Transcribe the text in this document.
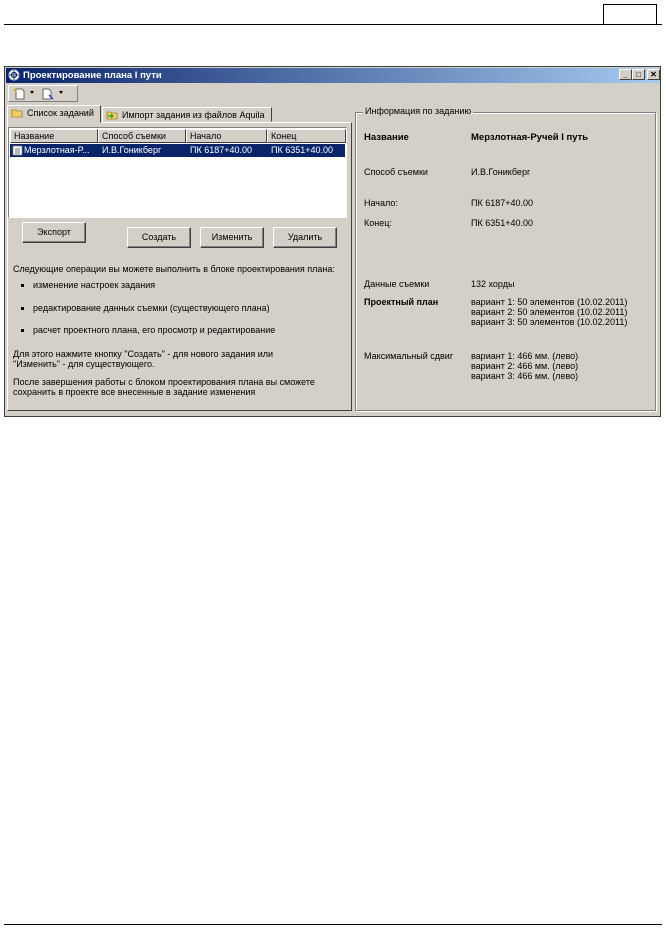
Проектирование плана I пути	_	□	✕
Список заданий	Импорт задания из файлов Aquila
Название	Способ съемки	Начало	Конец
Мерзлотная-Р...	И.В.Гоникберг	ПК 6187+40.00	ПК 6351+40.00
Экспорт	Создать	Изменить	Удалить
Следующие операции вы можете выполнить в блоке проектирования плана:
изменение настроек задания
редактирование данных съемки (существующего плана)
расчет проектного плана, его просмотр и редактирование
Для этого нажмите кнопку "Создать" - для нового задания или
"Изменить" - для существующего.
После завершения работы с блоком проектирования плана вы сможете
сохранить в проекте все внесенные в задание изменения
Информация по заданию
Название	Мерзлотная-Ручей I путь
Способ съемки	И.В.Гоникберг
Начало:	ПК 6187+40.00
Конец:	ПК 6351+40.00
Данные съемки	132 хорды
Проектный план	вариант 1: 50 элементов (10.02.2011)
вариант 2: 50 элементов (10.02.2011)
вариант 3: 50 элементов (10.02.2011)
Максимальный сдвиг вариант 1: 466 мм. (лево)
вариант 2: 466 мм. (лево)
вариант 3: 466 мм. (лево)
